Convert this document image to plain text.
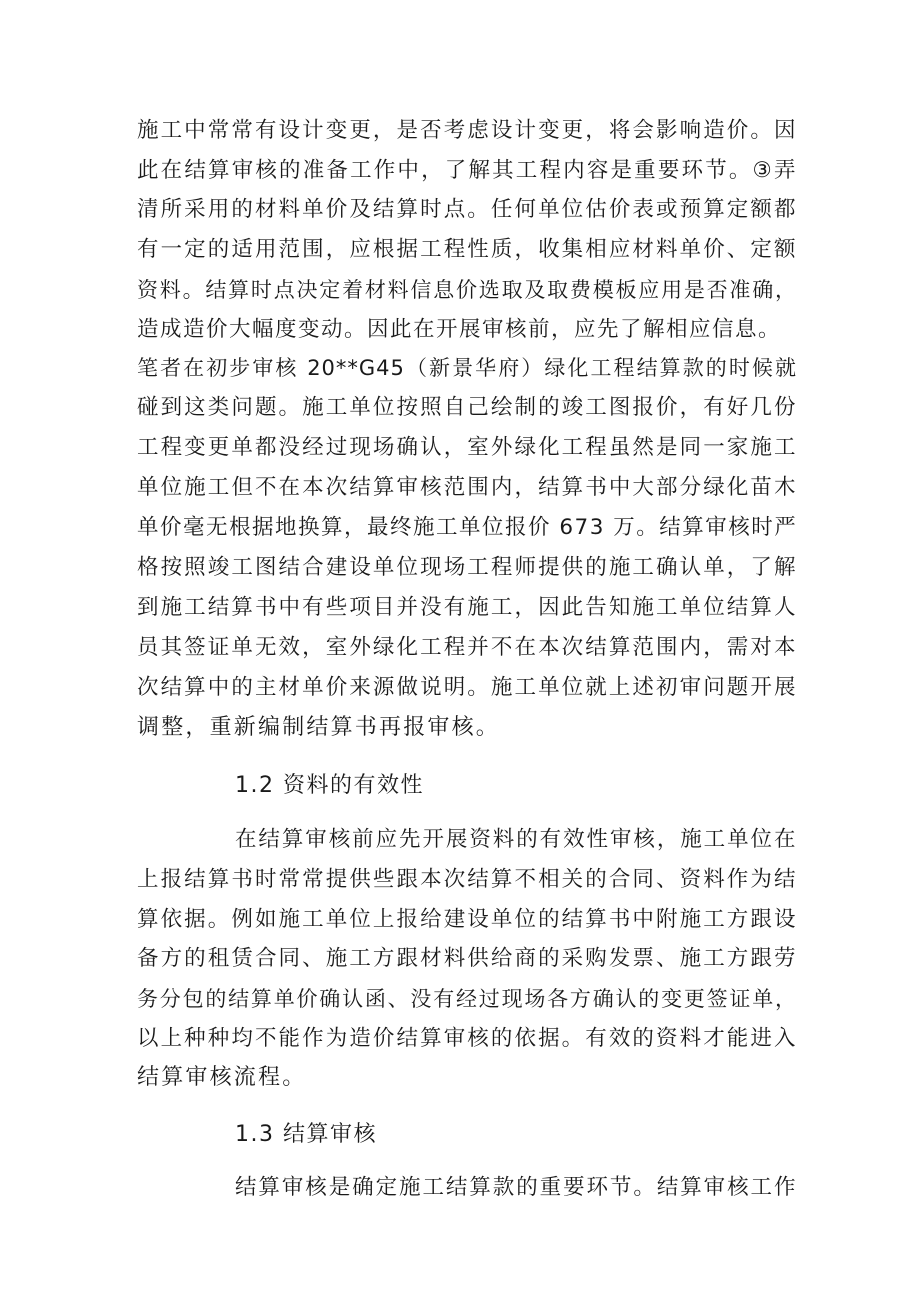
施工中常常有设计变更，是否考虑设计变更，将会影响造价。因
此在结算审核的准备工作中，了解其工程内容是重要环节。③弄
清所采用的材料单价及结算时点。任何单位估价表或预算定额都
有一定的适用范围，应根据工程性质，收集相应材料单价、定额
资料。结算时点决定着材料信息价选取及取费模板应用是否准确，
造成造价大幅度变动。因此在开展审核前，应先了解相应信息。
笔者在初步审核 20**G45（新景华府）绿化工程结算款的时候就
碰到这类问题。施工单位按照自己绘制的竣工图报价，有好几份
工程变更单都没经过现场确认，室外绿化工程虽然是同一家施工
单位施工但不在本次结算审核范围内，结算书中大部分绿化苗木
单价毫无根据地换算，最终施工单位报价 673 万。结算审核时严
格按照竣工图结合建设单位现场工程师提供的施工确认单，了解
到施工结算书中有些项目并没有施工，因此告知施工单位结算人
员其签证单无效，室外绿化工程并不在本次结算范围内，需对本
次结算中的主材单价来源做说明。施工单位就上述初审问题开展
调整，重新编制结算书再报审核。
1.2 资料的有效性
在结算审核前应先开展资料的有效性审核，施工单位在
上报结算书时常常提供些跟本次结算不相关的合同、资料作为结
算依据。例如施工单位上报给建设单位的结算书中附施工方跟设
备方的租赁合同、施工方跟材料供给商的采购发票、施工方跟劳
务分包的结算单价确认函、没有经过现场各方确认的变更签证单，
以上种种均不能作为造价结算审核的依据。有效的资料才能进入
结算审核流程。
1.3 结算审核
结算审核是确定施工结算款的重要环节。结算审核工作
